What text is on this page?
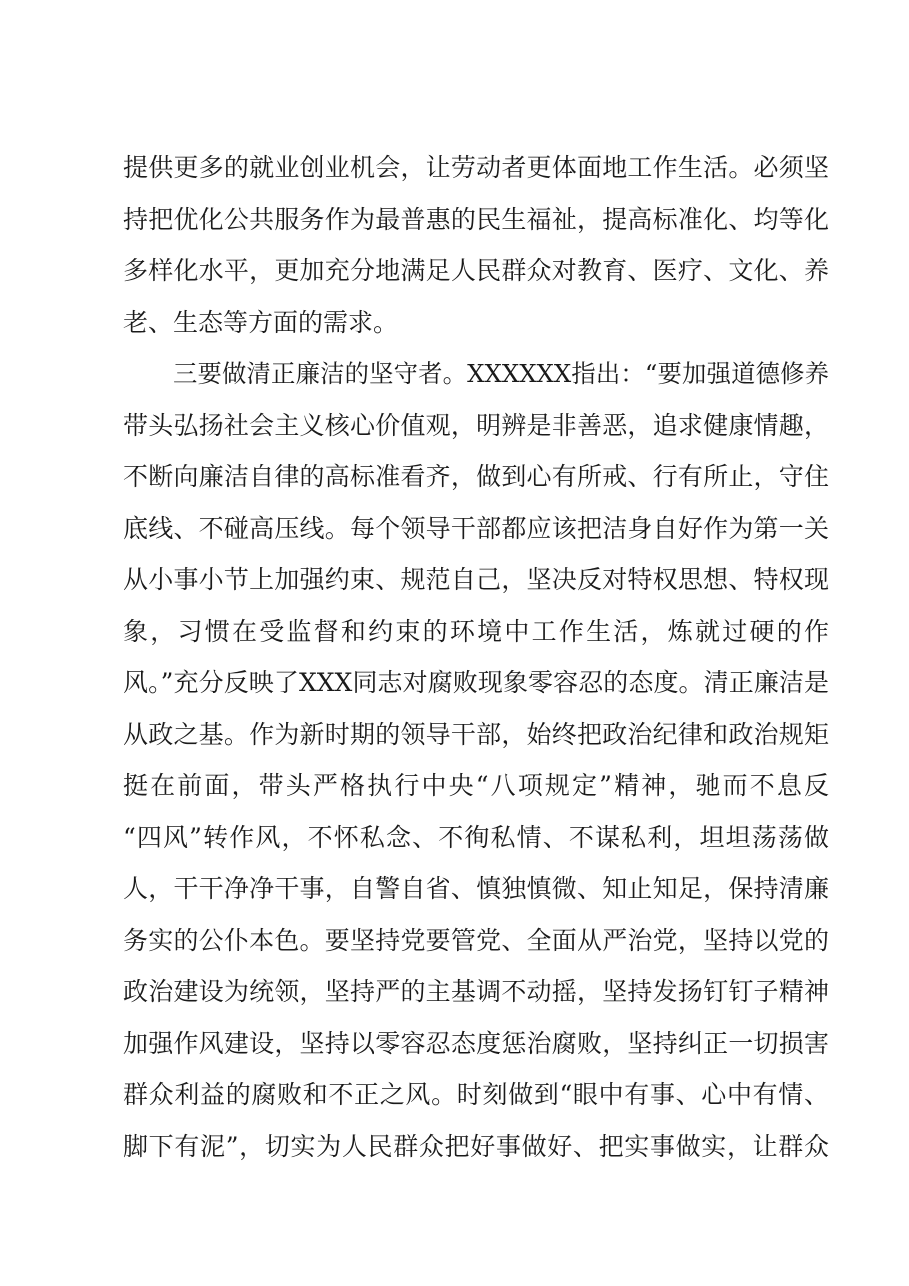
提供更多的就业创业机会，让劳动者更体面地工作生活。必须坚
持把优化公共服务作为最普惠的民生福祉，提高标准化、均等化
多样化水平，更加充分地满足人民群众对教育、医疗、文化、养
老、生态等方面的需求。
三要做清正廉洁的坚守者。XXXXXX指出：“要加强道德修养
带头弘扬社会主义核心价值观，明辨是非善恶，追求健康情趣，
不断向廉洁自律的高标准看齐，做到心有所戒、行有所止，守住
底线、不碰高压线。每个领导干部都应该把洁身自好作为第一关
从小事小节上加强约束、规范自己，坚决反对特权思想、特权现
象，习惯在受监督和约束的环境中工作生活，炼就过硬的作
风。”充分反映了XXX同志对腐败现象零容忍的态度。清正廉洁是
从政之基。作为新时期的领导干部，始终把政治纪律和政治规矩
挺在前面，带头严格执行中央“八项规定”精神，驰而不息反
“四风”转作风，不怀私念、不徇私情、不谋私利，坦坦荡荡做
人，干干净净干事，自警自省、慎独慎微、知止知足，保持清廉
务实的公仆本色。要坚持党要管党、全面从严治党，坚持以党的
政治建设为统领，坚持严的主基调不动摇，坚持发扬钉钉子精神
加强作风建设，坚持以零容忍态度惩治腐败，坚持纠正一切损害
群众利益的腐败和不正之风。时刻做到“眼中有事、心中有情、
脚下有泥”，切实为人民群众把好事做好、把实事做实，让群众
